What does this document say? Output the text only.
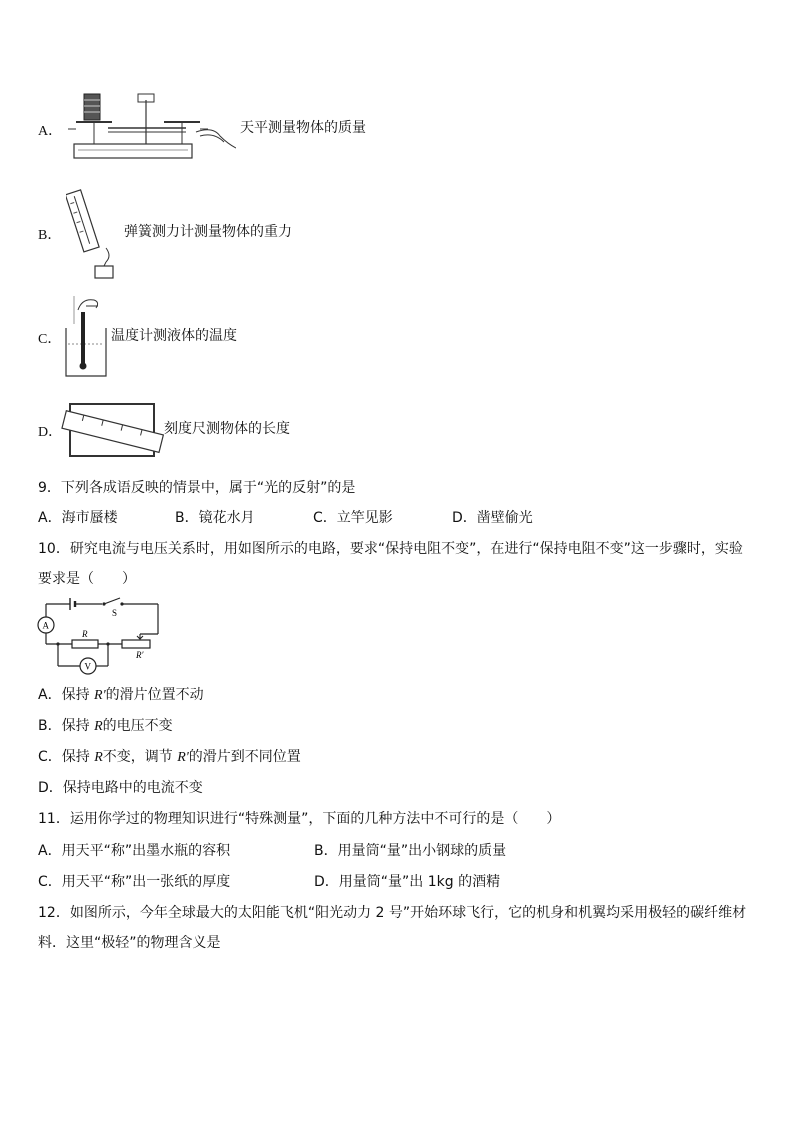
A．	天平测量物体的质量
B．	弹簧测力计测量物体的重力
C．	温度计测液体的温度
D．	刻度尺测物体的长度
9．下列各成语反映的情景中，属于“光的反射”的是
A．海市蜃楼	B．镜花水月	C．立竿见影	D．凿壁偷光
10．研究电流与电压关系时，用如图所示的电路，要求“保持电阻不变”，在进行“保持电阻不变”这一步骤时，实验
要求是（　　）
S
A
R
R′
V
A．保持 R'的滑片位置不动
B．保持 R的电压不变
C．保持 R不变，调节 R'的滑片到不同位置
D．保持电路中的电流不变
11．运用你学过的物理知识进行“特殊测量”，下面的几种方法中不可行的是（　　）
A．用天平“称”出墨水瓶的容积	B．用量筒“量”出小钢球的质量
C．用天平“称”出一张纸的厚度	D．用量筒“量”出 1kg 的酒精
12．如图所示，今年全球最大的太阳能飞机“阳光动力 2 号”开始环球飞行，它的机身和机翼均采用极轻的碳纤维材
料．这里“极轻”的物理含义是
